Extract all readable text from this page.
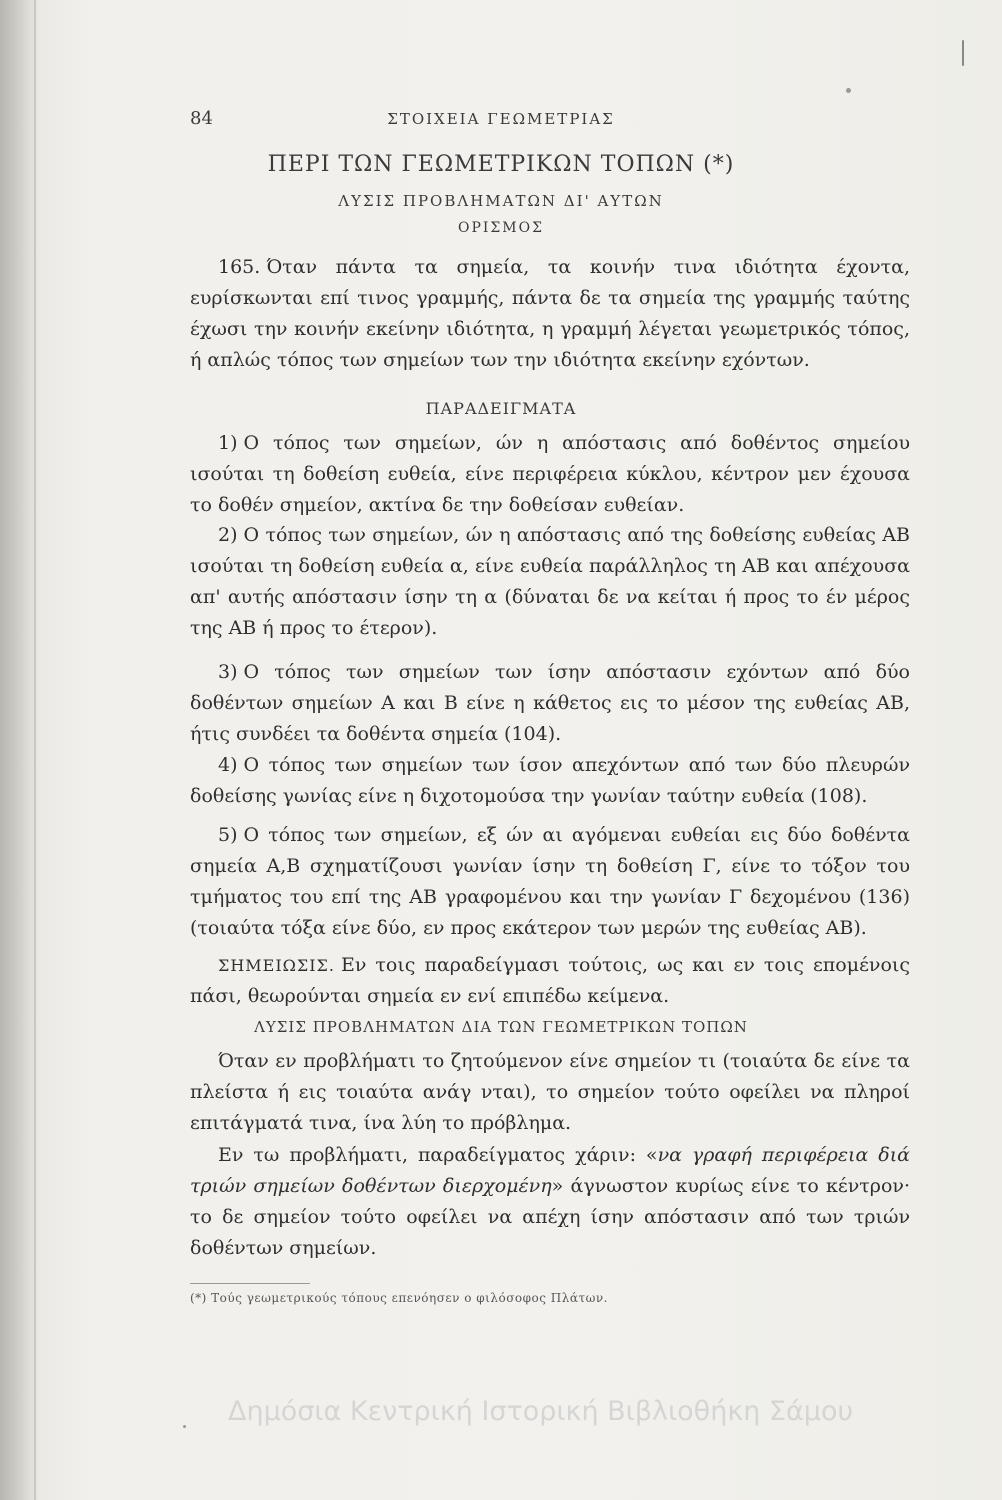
84	ΣΤΟΙΧΕΙΑ ΓΕΩΜΕΤΡΙΑΣ
ΠΕΡΙ ΤΩΝ ΓΕΩΜΕΤΡΙΚΩΝ ΤΟΠΩΝ (*)
ΛΥΣΙΣ ΠΡΟΒΛΗΜΑΤΩΝ ΔΙ' ΑΥΤΩΝ
ΟΡΙΣΜΟΣ
165. Όταν πάντα τα σημεία, τα κοινήν τινα ιδιότητα έχοντα, ευρίσκωνται επί τινος γραμμής, πάντα δε τα σημεία της γραμμής ταύτης έχωσι την κοινήν εκείνην ιδιότητα, η γραμμή λέγεται γεωμετρικός τόπος, ή απλώς τόπος των σημείων των την ιδιότητα εκείνην εχόντων.
ΠΑΡΑΔΕΙΓΜΑΤΑ
1) Ο τόπος των σημείων, ών η απόστασις από δοθέντος σημείου ισούται τη δοθείση ευθεία, είνε περιφέρεια κύκλου, κέντρον μεν έχουσα το δοθέν σημείον, ακτίνα δε την δοθείσαν ευθείαν.
2) Ο τόπος των σημείων, ών η απόστασις από της δοθείσης ευθείας ΑΒ ισούται τη δοθείση ευθεία α, είνε ευθεία παράλληλος τη ΑΒ και απέχουσα απ' αυτής απόστασιν ίσην τη α (δύναται δε να κείται ή προς το έν μέρος της ΑΒ ή προς το έτερον).
3) Ο τόπος των σημείων των ίσην απόστασιν εχόντων από δύο δοθέντων σημείων Α και Β είνε η κάθετος εις το μέσον της ευθείας ΑΒ, ήτις συνδέει τα δοθέντα σημεία (104).
4) Ο τόπος των σημείων των ίσον απεχόντων από των δύο πλευρών δοθείσης γωνίας είνε η διχοτομούσα την γωνίαν ταύτην ευθεία (108).
5) Ο τόπος των σημείων, εξ ών αι αγόμεναι ευθείαι εις δύο δοθέντα σημεία Α,Β σχηματίζουσι γωνίαν ίσην τη δοθείση Γ, είνε το τόξον του τμήματος του επί της ΑΒ γραφομένου και την γωνίαν Γ δεχομένου (136) (τοιαύτα τόξα είνε δύο, εν προς εκάτερον των μερών της ευθείας ΑΒ).
ΣΗΜΕΙΩΣΙΣ. Εν τοις παραδείγμασι τούτοις, ως και εν τοις επομένοις πάσι, θεωρούνται σημεία εν ενί επιπέδω κείμενα.
ΛΥΣΙΣ ΠΡΟΒΛΗΜΑΤΩΝ ΔΙΑ ΤΩΝ ΓΕΩΜΕΤΡΙΚΩΝ ΤΟΠΩΝ
Όταν εν προβλήματι το ζητούμενον είνε σημείον τι (τοιαύτα δε είνε τα πλείστα ή εις τοιαύτα ανάγ νται), το σημείον τούτο οφείλει να πληροί επιτάγματά τινα, ίνα λύη το πρόβλημα.
Εν τω προβλήματι, παραδείγματος χάριν: «να γραφή περιφέρεια διά τριών σημείων δοθέντων διερχομένη» άγνωστον κυρίως είνε το κέντρον· το δε σημείον τούτο οφείλει να απέχη ίσην απόστασιν από των τριών δοθέντων σημείων.
(*) Τούς γεωμετρικούς τόπους επενόησεν ο φιλόσοφος Πλάτων.
Δημόσια Κεντρική Ιστορική Βιβλιοθήκη Σάμου
